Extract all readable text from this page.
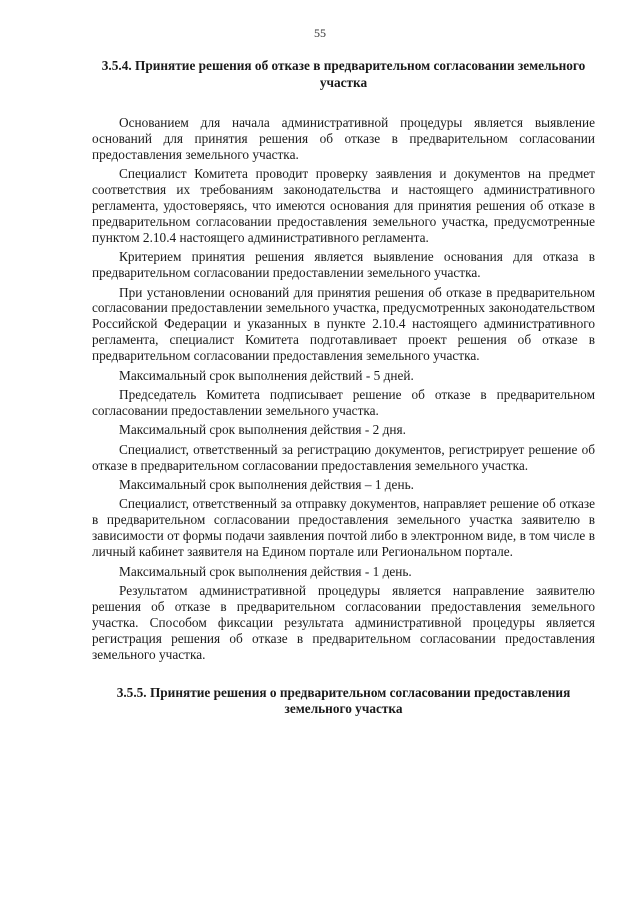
55
3.5.4. Принятие решения об отказе в предварительном согласовании земельного участка

Основанием для начала административной процедуры является выявление оснований для принятия решения об отказе в предварительном согласовании предоставления земельного участка.

Специалист Комитета проводит проверку заявления и документов на предмет соответствия их требованиям законодательства и настоящего административного регламента, удостоверяясь, что имеются основания для принятия решения об отказе в предварительном согласовании предоставления земельного участка, предусмотренные пунктом 2.10.4 настоящего административного регламента.

Критерием принятия решения является выявление основания для отказа в предварительном согласовании предоставлении земельного участка.

При установлении оснований для принятия решения об отказе в предварительном согласовании предоставлении земельного участка, предусмотренных законодательством Российской Федерации и указанных в пункте 2.10.4 настоящего административного регламента, специалист Комитета подготавливает проект решения об отказе в предварительном согласовании предоставления земельного участка.

Максимальный срок выполнения действий - 5 дней.

Председатель Комитета подписывает решение об отказе в предварительном согласовании предоставлении земельного участка.

Максимальный срок выполнения действия - 2 дня.

Специалист, ответственный за регистрацию документов, регистрирует решение об отказе в предварительном согласовании предоставления земельного участка.

Максимальный срок выполнения действия – 1 день.

Специалист, ответственный за отправку документов, направляет решение об отказе в предварительном согласовании предоставления земельного участка заявителю в зависимости от формы подачи заявления почтой либо в электронном виде, в том числе в личный кабинет заявителя на Едином портале или Региональном портале.

Максимальный срок выполнения действия - 1 день.

Результатом административной процедуры является направление заявителю решения об отказе в предварительном согласовании предоставления земельного участка. Способом фиксации результата административной процедуры является регистрация решения об отказе в предварительном согласовании предоставления земельного участка.

3.5.5. Принятие решения о предварительном согласовании предоставления земельного участка
